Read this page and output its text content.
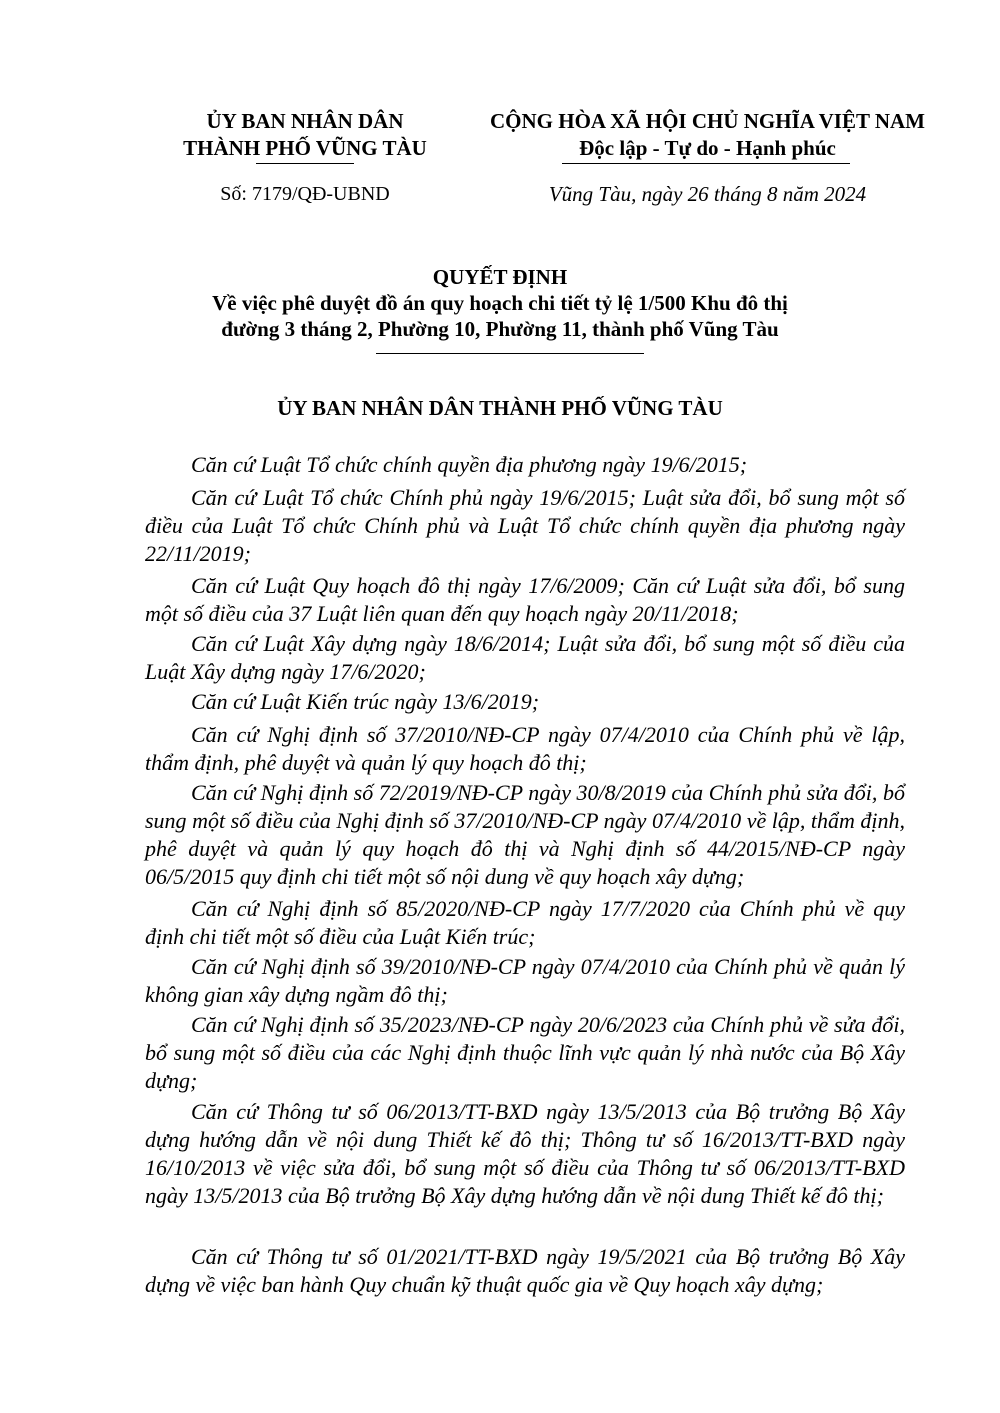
ỦY BAN NHÂN DÂN
THÀNH PHỐ VŨNG TÀU
CỘNG HÒA XÃ HỘI CHỦ NGHĨA VIỆT NAM
Độc lập - Tự do - Hạnh phúc
Số: 7179/QĐ-UBND	Vũng Tàu, ngày 26 tháng 8 năm 2024
QUYẾT ĐỊNH
Về việc phê duyệt đồ án quy hoạch chi tiết tỷ lệ 1/500 Khu đô thị
đường 3 tháng 2, Phường 10, Phường 11, thành phố Vũng Tàu
ỦY BAN NHÂN DÂN THÀNH PHỐ VŨNG TÀU

Căn cứ Luật Tổ chức chính quyền địa phương ngày 19/6/2015;

Căn cứ Luật Tổ chức Chính phủ ngày 19/6/2015; Luật sửa đổi, bổ sung một số điều của Luật Tổ chức Chính phủ và Luật Tổ chức chính quyền địa phương ngày 22/11/2019;

Căn cứ Luật Quy hoạch đô thị ngày 17/6/2009; Căn cứ Luật sửa đổi, bổ sung một số điều của 37 Luật liên quan đến quy hoạch ngày 20/11/2018;

Căn cứ Luật Xây dựng ngày 18/6/2014; Luật sửa đổi, bổ sung một số điều của Luật Xây dựng ngày 17/6/2020;

Căn cứ Luật Kiến trúc ngày 13/6/2019;

Căn cứ Nghị định số 37/2010/NĐ-CP ngày 07/4/2010 của Chính phủ về lập, thẩm định, phê duyệt và quản lý quy hoạch đô thị;

Căn cứ Nghị định số 72/2019/NĐ-CP ngày 30/8/2019 của Chính phủ sửa đổi, bổ sung một số điều của Nghị định số 37/2010/NĐ-CP ngày 07/4/2010 về lập, thẩm định, phê duyệt và quản lý quy hoạch đô thị và Nghị định số 44/2015/NĐ-CP ngày 06/5/2015 quy định chi tiết một số nội dung về quy hoạch xây dựng;

Căn cứ Nghị định số 85/2020/NĐ-CP ngày 17/7/2020 của Chính phủ về quy định chi tiết một số điều của Luật Kiến trúc;

Căn cứ Nghị định số 39/2010/NĐ-CP ngày 07/4/2010 của Chính phủ về quản lý không gian xây dựng ngầm đô thị;

Căn cứ Nghị định số 35/2023/NĐ-CP ngày 20/6/2023 của Chính phủ về sửa đổi, bổ sung một số điều của các Nghị định thuộc lĩnh vực quản lý nhà nước của Bộ Xây dựng;

Căn cứ Thông tư số 06/2013/TT-BXD ngày 13/5/2013 của Bộ trưởng Bộ Xây dựng hướng dẫn về nội dung Thiết kế đô thị; Thông tư số 16/2013/TT-BXD ngày 16/10/2013 về việc sửa đổi, bổ sung một số điều của Thông tư số 06/2013/TT-BXD ngày 13/5/2013 của Bộ trưởng Bộ Xây dựng hướng dẫn về nội dung Thiết kế đô thị;

Căn cứ Thông tư số 01/2021/TT-BXD ngày 19/5/2021 của Bộ trưởng Bộ Xây dựng về việc ban hành Quy chuẩn kỹ thuật quốc gia về Quy hoạch xây dựng;
